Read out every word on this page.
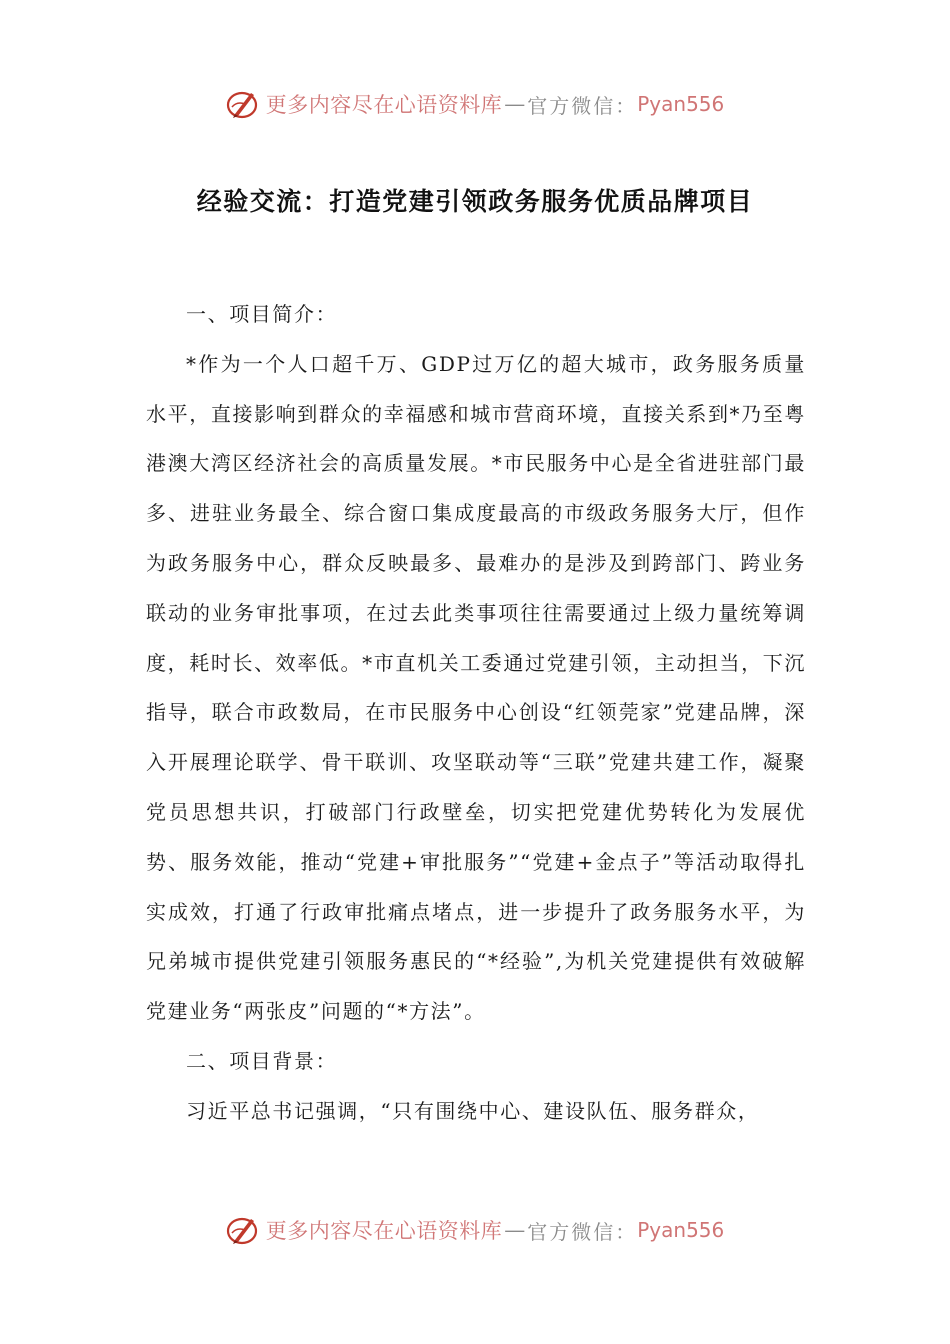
更多内容尽在心语资料库 — 官方微信： Pyan556
经验交流：打造党建引领政务服务优质品牌项目

一、项目简介：

*作为一个人口超千万、GDP过万亿的超大城市，政务服务质量水平，直接影响到群众的幸福感和城市营商环境，直接关系到*乃至粤港澳大湾区经济社会的高质量发展。*市民服务中心是全省进驻部门最多、进驻业务最全、综合窗口集成度最高的市级政务服务大厅，但作为政务服务中心，群众反映最多、最难办的是涉及到跨部门、跨业务联动的业务审批事项，在过去此类事项往往需要通过上级力量统筹调度，耗时长、效率低。*市直机关工委通过党建引领，主动担当，下沉指导，联合市政数局，在市民服务中心创设“红领莞家”党建品牌，深入开展理论联学、骨干联训、攻坚联动等“三联”党建共建工作，凝聚党员思想共识，打破部门行政壁垒，切实把党建优势转化为发展优势、服务效能，推动“党建+审批服务”“党建+金点子”等活动取得扎实成效，打通了行政审批痛点堵点，进一步提升了政务服务水平，为兄弟城市提供党建引领服务惠民的“*经验”,为机关党建提供有效破解党建业务“两张皮”问题的“*方法”。

二、项目背景：

习近平总书记强调，“只有围绕中心、建设队伍、服务群众，

更多内容尽在心语资料库 — 官方微信： Pyan556
